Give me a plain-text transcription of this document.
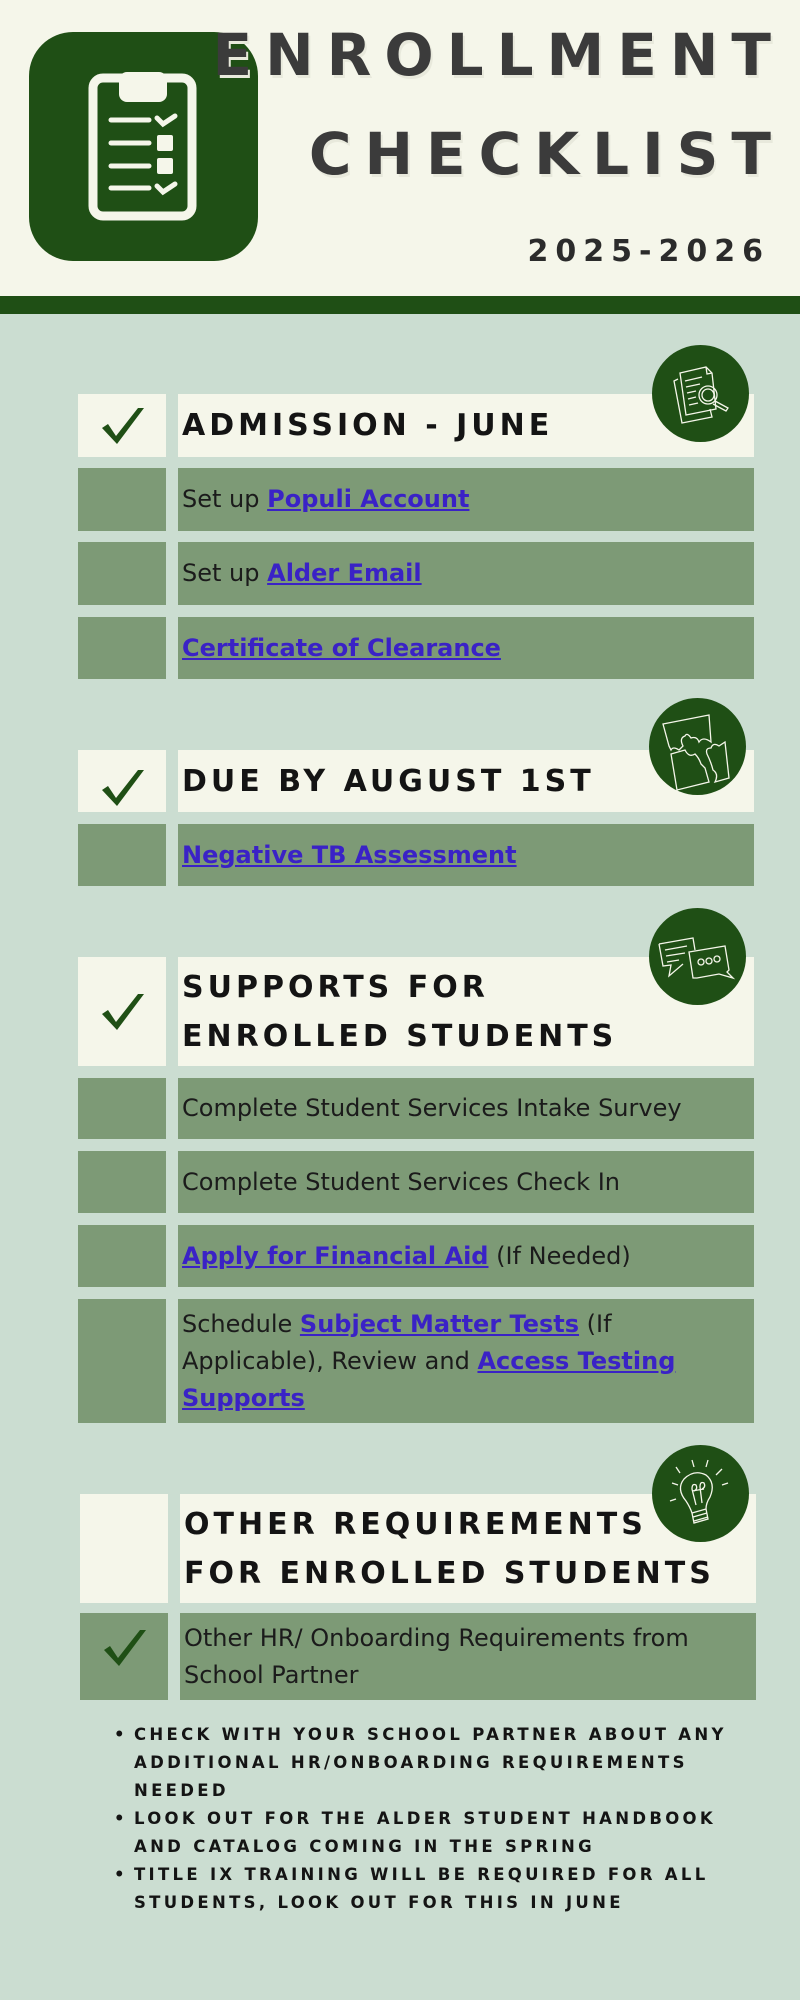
ENROLLMENT
CHECKLIST
2025-2026
ADMISSION - JUNE
Set up Populi Account
Set up Alder Email
Certificate of Clearance
DUE BY AUGUST 1ST
Negative TB Assessment
SUPPORTS FOR
ENROLLED STUDENTS
Complete Student Services Intake Survey
Complete Student Services Check In
Apply for Financial Aid (If Needed)
Schedule Subject Matter Tests (If Applicable), Review and Access Testing Supports
OTHER REQUIREMENTS
FOR ENROLLED STUDENTS
Other HR/ Onboarding Requirements from School Partner
• CHECK WITH YOUR SCHOOL PARTNER ABOUT ANY ADDITIONAL HR/ONBOARDING REQUIREMENTS NEEDED
• LOOK OUT FOR THE ALDER STUDENT HANDBOOK AND CATALOG COMING IN THE SPRING
• TITLE IX TRAINING WILL BE REQUIRED FOR ALL STUDENTS, LOOK OUT FOR THIS IN JUNE
